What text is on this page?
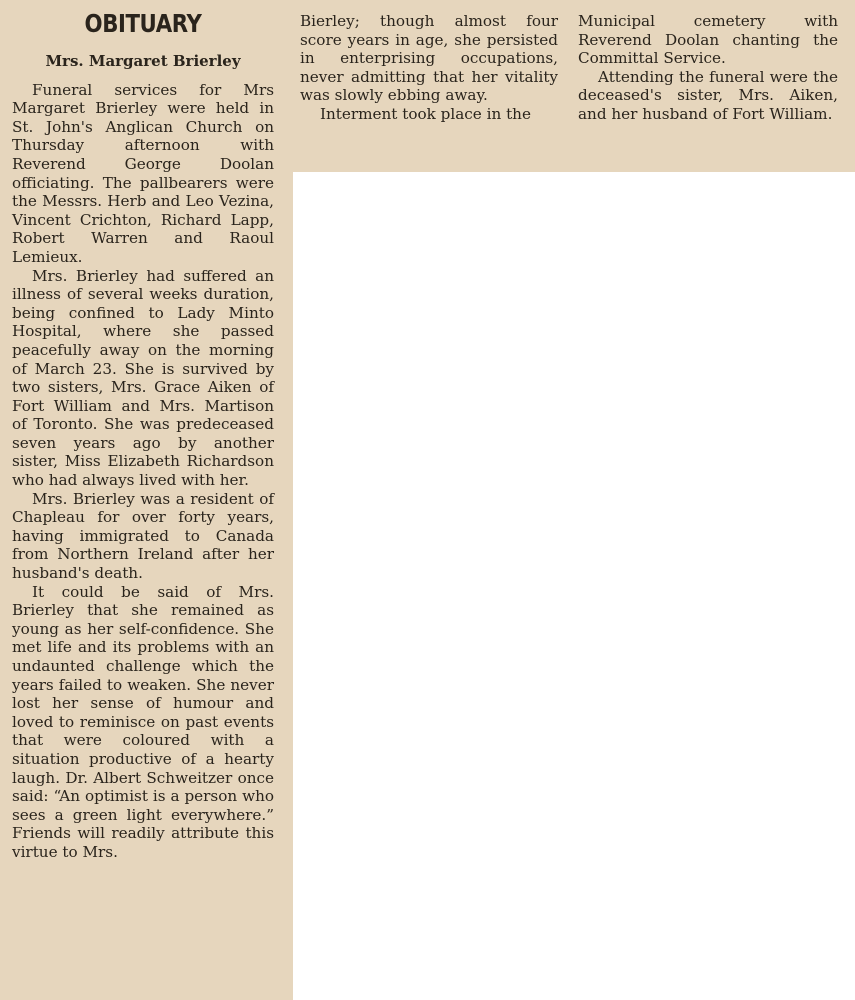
OBITUARY
Mrs. Margaret Brierley

Funeral services for Mrs Margaret Brierley were held in St. John's Anglican Church on Thursday afternoon with Reverend George Doolan officiating. The pallbearers were the Messrs. Herb and Leo Vezina, Vincent Crichton, Richard Lapp, Robert Warren and Raoul Lemieux.

Mrs. Brierley had suffered an illness of several weeks duration, being confined to Lady Minto Hospital, where she passed peacefully away on the morning of March 23. She is survived by two sisters, Mrs. Grace Aiken of Fort William and Mrs. Martison of Toronto. She was predeceased seven years ago by another sister, Miss Elizabeth Richardson who had always lived with her.

Mrs. Brierley was a resident of Chapleau for over forty years, having immigrated to Canada from Northern Ireland after her husband's death.

It could be said of Mrs. Brierley that she remained as young as her self-confidence. She met life and its problems with an undaunted challenge which the years failed to weaken. She never lost her sense of humour and loved to reminisce on past events that were coloured with a situation productive of a hearty laugh. Dr. Albert Schweitzer once said: “An optimist is a person who sees a green light everywhere.” Friends will readily attribute this virtue to Mrs.

Bierley; though almost four score years in age, she persisted in enterprising occupations, never admitting that her vitality was slowly ebbing away.

Interment took place in the

Municipal cemetery with Reverend Doolan chanting the Committal Service.

Attending the funeral were the deceased's sister, Mrs. Aiken, and her husband of Fort William.
